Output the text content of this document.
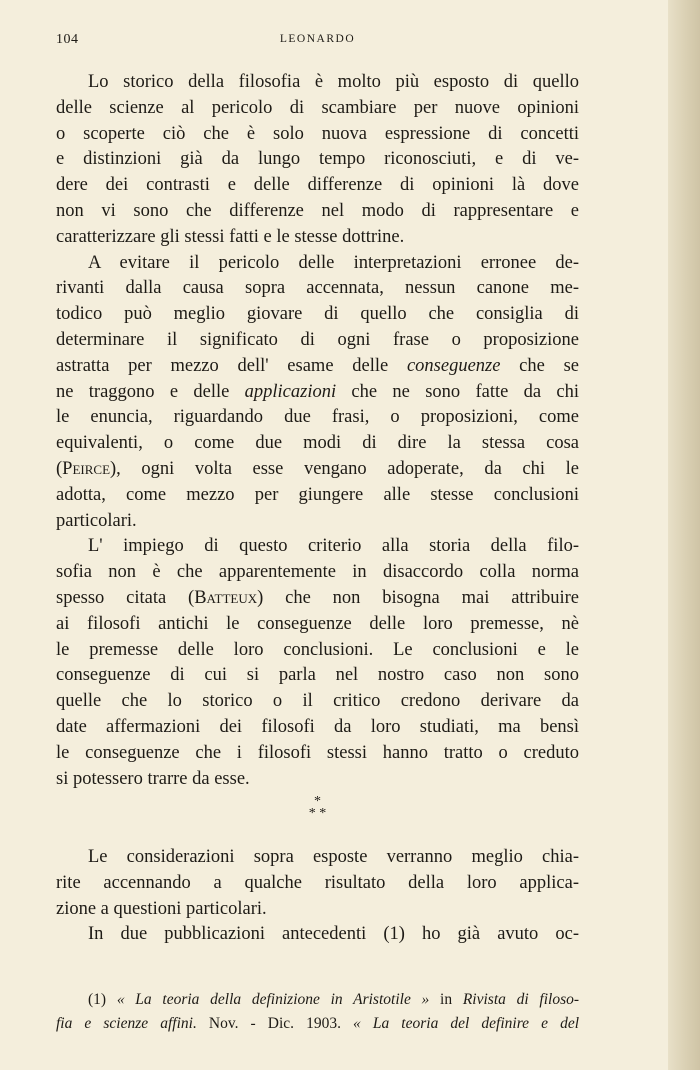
104	LEONARDO
Lo storico della filosofia è molto più esposto di quello
delle scienze al pericolo di scambiare per nuove opinioni
o scoperte ciò che è solo nuova espressione di concetti
e distinzioni già da lungo tempo riconosciuti, e di ve-
dere dei contrasti e delle differenze di opinioni là dove
non vi sono che differenze nel modo di rappresentare e
caratterizzare gli stessi fatti e le stesse dottrine.
A evitare il pericolo delle interpretazioni erronee de-
rivanti dalla causa sopra accennata, nessun canone me-
todico può meglio giovare di quello che consiglia di
determinare il significato di ogni frase o proposizione
astratta per mezzo dell' esame delle conseguenze che se
ne traggono e delle applicazioni che ne sono fatte da chi
le enuncia, riguardando due frasi, o proposizioni, come
equivalenti, o come due modi di dire la stessa cosa
(Peirce), ogni volta esse vengano adoperate, da chi le
adotta, come mezzo per giungere alle stesse conclusioni
particolari.
L' impiego di questo criterio alla storia della filo-
sofia non è che apparentemente in disaccordo colla norma
spesso citata (Batteux) che non bisogna mai attribuire
ai filosofi antichi le conseguenze delle loro premesse, nè
le premesse delle loro conclusioni. Le conclusioni e le
conseguenze di cui si parla nel nostro caso non sono
quelle che lo storico o il critico credono derivare da
date affermazioni dei filosofi da loro studiati, ma bensì
le conseguenze che i filosofi stessi hanno tratto o creduto
si potessero trarre da esse.
*
* *
Le considerazioni sopra esposte verranno meglio chia-
rite accennando a qualche risultato della loro applica-
zione a questioni particolari.
In due pubblicazioni antecedenti (1) ho già avuto oc-
(1) « La teoria della definizione in Aristotile » in Rivista di filoso-
fia e scienze affini. Nov. - Dic. 1903. « La teoria del definire e del
